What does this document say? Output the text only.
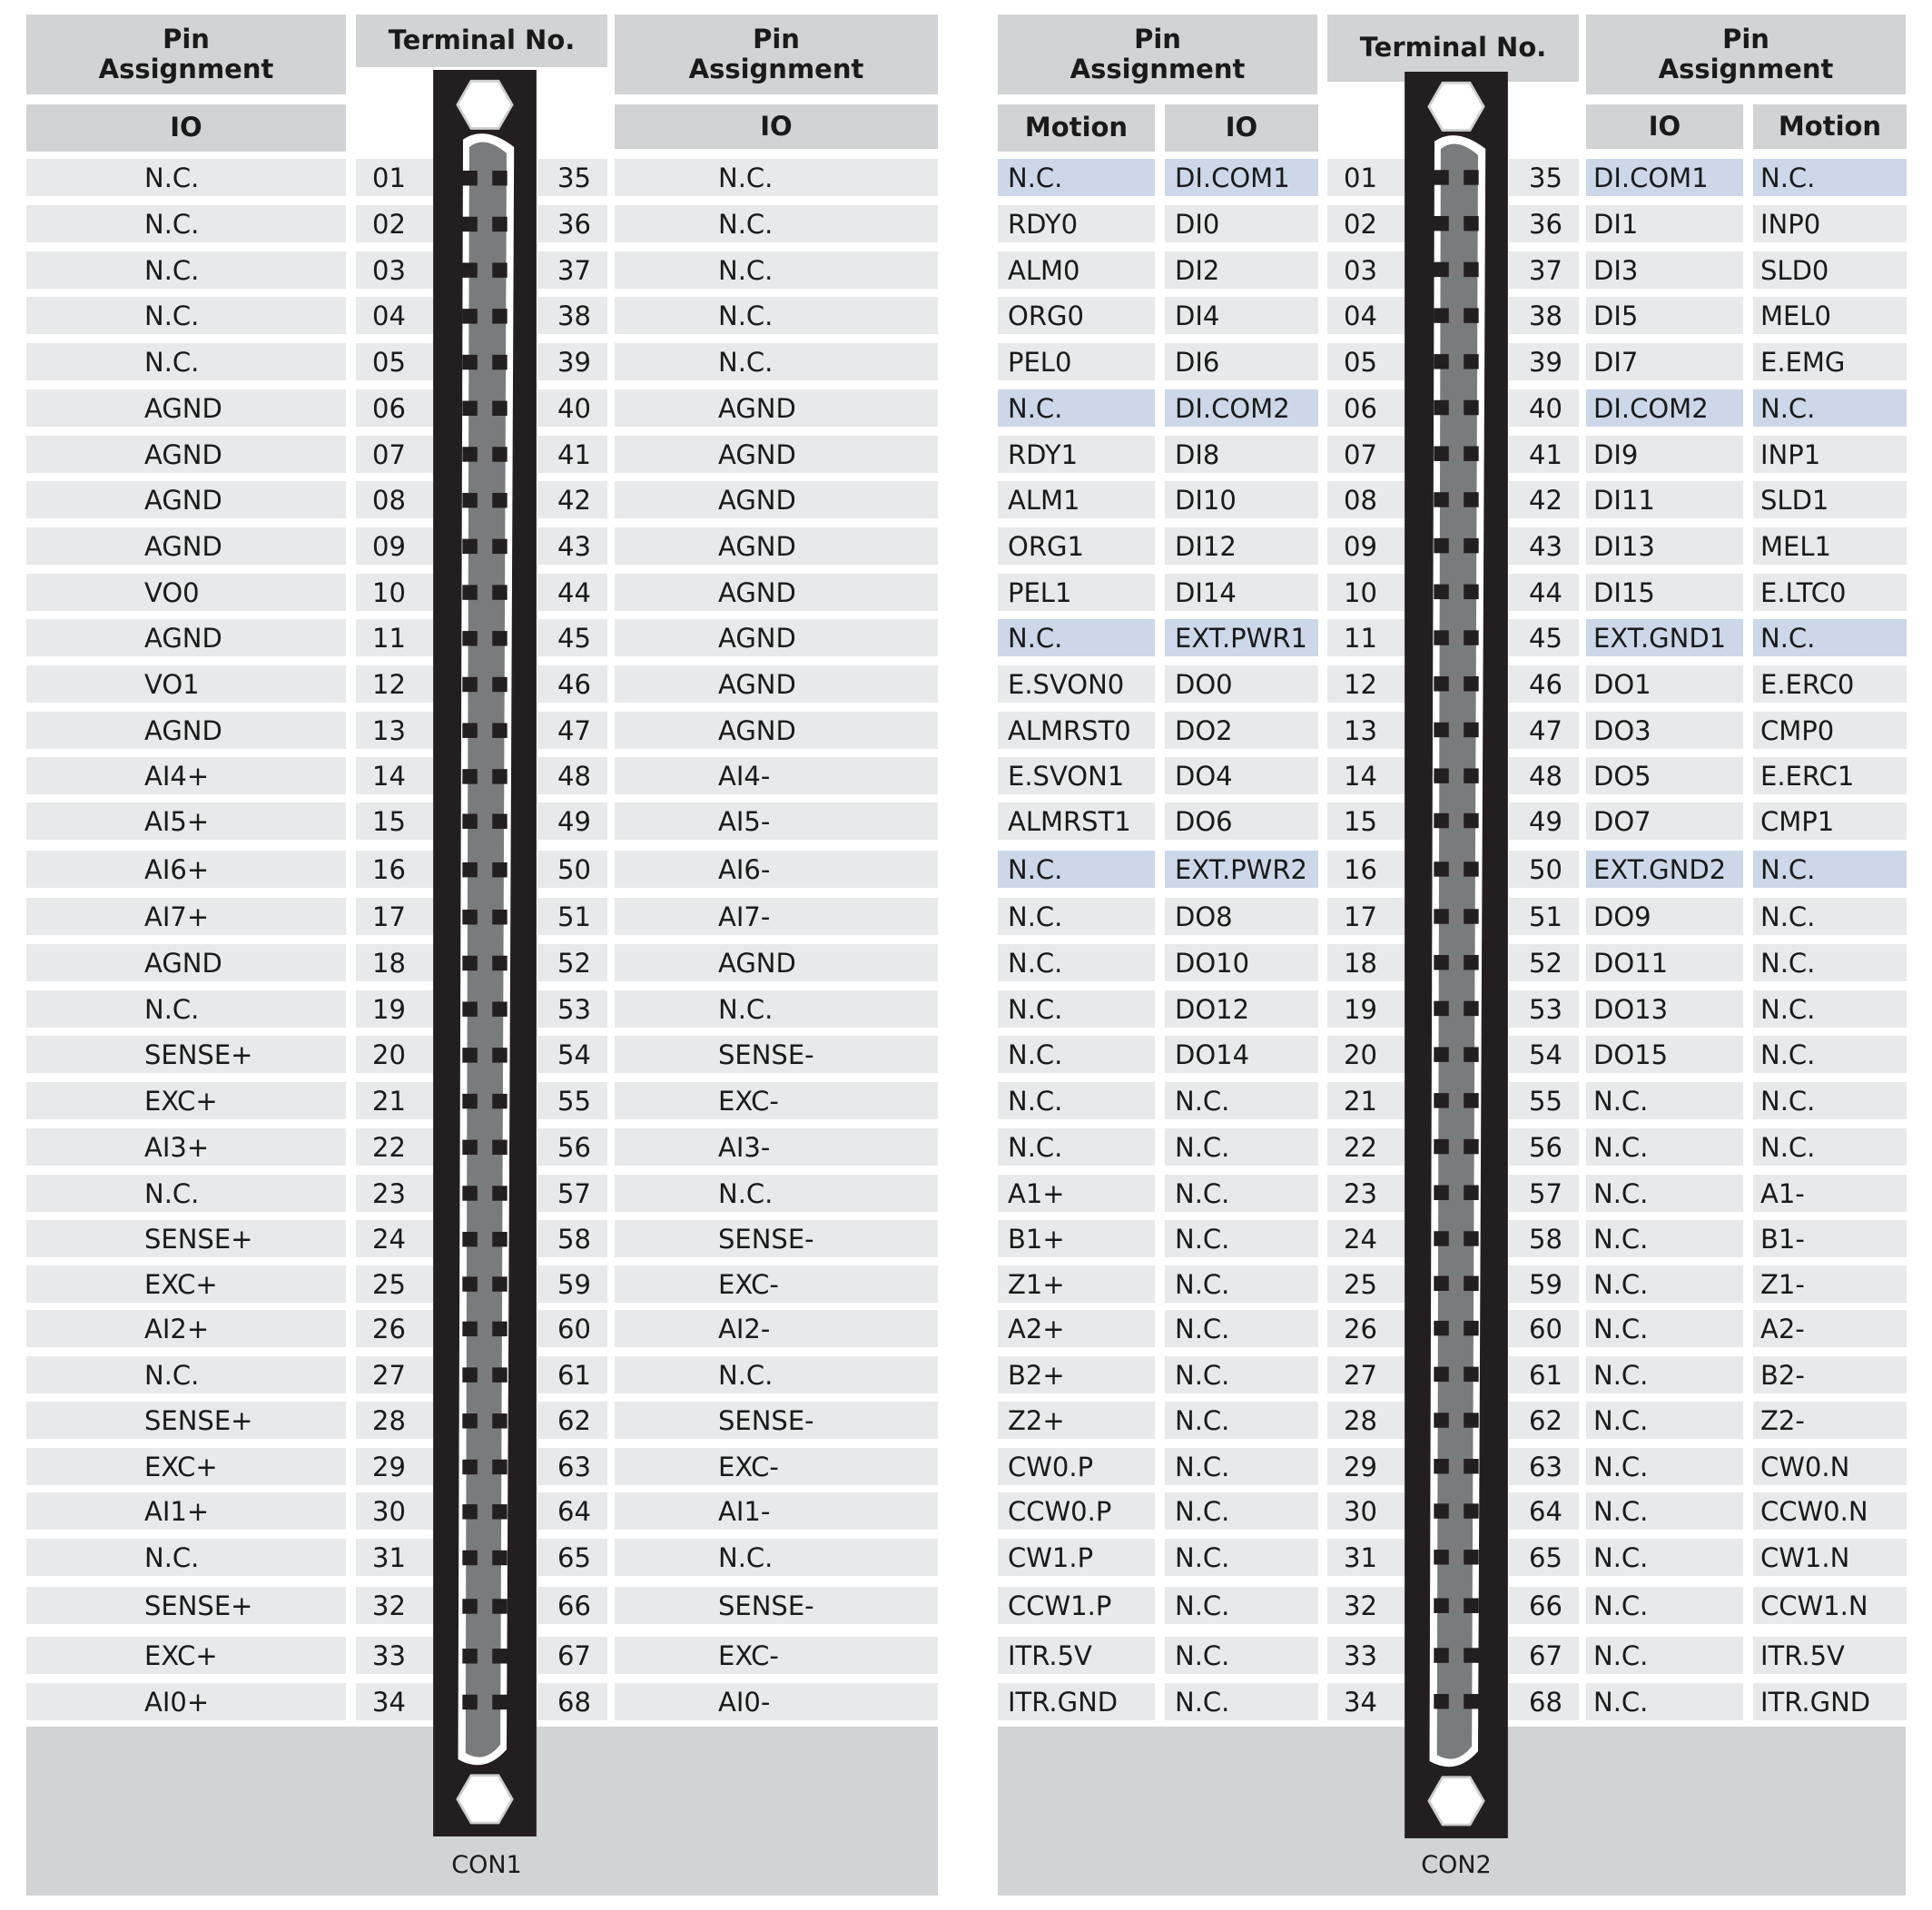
Pin
Assignment
Terminal No.	Pin
Assignment
IO	IO
N.C.	01	35	N.C.
N.C.	02	36	N.C.
N.C.	03	37	N.C.
N.C.	04	38	N.C.
N.C.	05	39	N.C.
AGND	06	40	AGND
AGND	07	41	AGND
AGND	08	42	AGND
AGND	09	43	AGND
VO0	10	44	AGND
AGND	11	45	AGND
VO1	12	46	AGND
AGND	13	47	AGND
AI4+	14	48	AI4-
AI5+	15	49	AI5-
AI6+	16	50	AI6-
AI7+	17	51	AI7-
AGND	18	52	AGND
N.C.	19	53	N.C.
SENSE+	20	54	SENSE-
EXC+	21	55	EXC-
AI3+	22	56	AI3-
N.C.	23	57	N.C.
SENSE+	24	58	SENSE-
EXC+	25	59	EXC-
AI2+	26	60	AI2-
N.C.	27	61	N.C.
SENSE+	28	62	SENSE-
EXC+	29	63	EXC-
AI1+	30	64	AI1-
N.C.	31	65	N.C.
SENSE+	32	66	SENSE-
EXC+	33	67	EXC-
AI0+	34	68	AI0-
CON1
Pin
Assignment
Terminal No.	Pin
Assignment
Motion	IO	IO	Motion
N.C.	DI.COM1	01	35	DI.COM1	N.C.
RDY0	DI0	02	36	DI1	INP0
ALM0	DI2	03	37	DI3	SLD0
ORG0	DI4	04	38	DI5	MEL0
PEL0	DI6	05	39	DI7	E.EMG
N.C.	DI.COM2	06	40	DI.COM2	N.C.
RDY1	DI8	07	41	DI9	INP1
ALM1	DI10	08	42	DI11	SLD1
ORG1	DI12	09	43	DI13	MEL1
PEL1	DI14	10	44	DI15	E.LTC0
N.C.	EXT.PWR1	11	45	EXT.GND1	N.C.
E.SVON0	DO0	12	46	DO1	E.ERC0
ALMRST0	DO2	13	47	DO3	CMP0
E.SVON1	DO4	14	48	DO5	E.ERC1
ALMRST1	DO6	15	49	DO7	CMP1
N.C.	EXT.PWR2	16	50	EXT.GND2	N.C.
N.C.	DO8	17	51	DO9	N.C.
N.C.	DO10	18	52	DO11	N.C.
N.C.	DO12	19	53	DO13	N.C.
N.C.	DO14	20	54	DO15	N.C.
N.C.	N.C.	21	55	N.C.	N.C.
N.C.	N.C.	22	56	N.C.	N.C.
A1+	N.C.	23	57	N.C.	A1-
B1+	N.C.	24	58	N.C.	B1-
Z1+	N.C.	25	59	N.C.	Z1-
A2+	N.C.	26	60	N.C.	A2-
B2+	N.C.	27	61	N.C.	B2-
Z2+	N.C.	28	62	N.C.	Z2-
CW0.P	N.C.	29	63	N.C.	CW0.N
CCW0.P	N.C.	30	64	N.C.	CCW0.N
CW1.P	N.C.	31	65	N.C.	CW1.N
CCW1.P	N.C.	32	66	N.C.	CCW1.N
ITR.5V	N.C.	33	67	N.C.	ITR.5V
ITR.GND	N.C.	34	68	N.C.	ITR.GND
CON2
